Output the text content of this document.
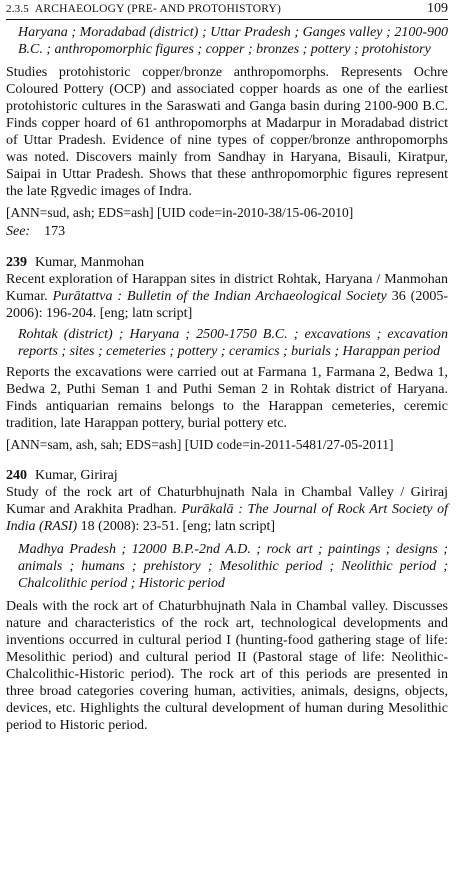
2.3.5 ARCHAEOLOGY (PRE- AND PROTOHISTORY)	109

Haryana ; Moradabad (district) ; Uttar Pradesh ; Ganges valley ; 2100-900 B.C. ; anthropomorphic figures ; copper ; bronzes ; pottery ; protohistory

Studies protohistoric copper/bronze anthropomorphs. Represents Ochre Coloured Pottery (OCP) and associated copper hoards as one of the earliest protohistoric cultures in the Saraswati and Ganga basin during 2100-900 B.C. Finds copper hoard of 61 anthropomorphs at Madarpur in Moradabad district of Uttar Pradesh. Evidence of nine types of copper/bronze anthropomorphs was noted. Discovers mainly from Sandhay in Haryana, Bisauli, Kiratpur, Saipai in Uttar Pradesh. Shows that these anthropomorphic figures represent the late Ṛgvedic images of Indra.

[ANN=sud, ash; EDS=ash] [UID code=in-2010-38/15-06-2010]

See: 173

239 Kumar, Manmohan

Recent exploration of Harappan sites in district Rohtak, Haryana / Manmohan Kumar. Purātattva : Bulletin of the Indian Archaeological Society 36 (2005-2006): 196-204. [eng; latn script]

Rohtak (district) ; Haryana ; 2500-1750 B.C. ; excavations ; excavation reports ; sites ; cemeteries ; pottery ; ceramics ; burials ; Harappan period

Reports the excavations were carried out at Farmana 1, Farmana 2, Bedwa 1, Bedwa 2, Puthi Seman 1 and Puthi Seman 2 in Rohtak district of Haryana. Finds antiquarian remains belongs to the Harappan cemeteries, ceremic tradition, late Harappan pottery, burial pottery etc.

[ANN=sam, ash, sah; EDS=ash] [UID code=in-2011-5481/27-05-2011]

240 Kumar, Giriraj

Study of the rock art of Chaturbhujnath Nala in Chambal Valley / Giriraj Kumar and Arakhita Pradhan. Purākalā : The Journal of Rock Art Society of India (RASI) 18 (2008): 23-51. [eng; latn script]

Madhya Pradesh ; 12000 B.P.-2nd A.D. ; rock art ; paintings ; designs ; animals ; humans ; prehistory ; Mesolithic period ; Neolithic period ; Chalcolithic period ; Historic period

Deals with the rock art of Chaturbhujnath Nala in Chambal valley. Discusses nature and characteristics of the rock art, technological developments and inventions occurred in cultural period I (hunting-food gathering stage of life: Mesolithic period) and cultural period II (Pastoral stage of life: Neolithic-Chalcolithic-Historic period). The rock art of this periods are presented in three broad categories covering human, activities, animals, designs, objects, devices, etc. Highlights the cultural development of human during Mesolithic period to Historic period.
